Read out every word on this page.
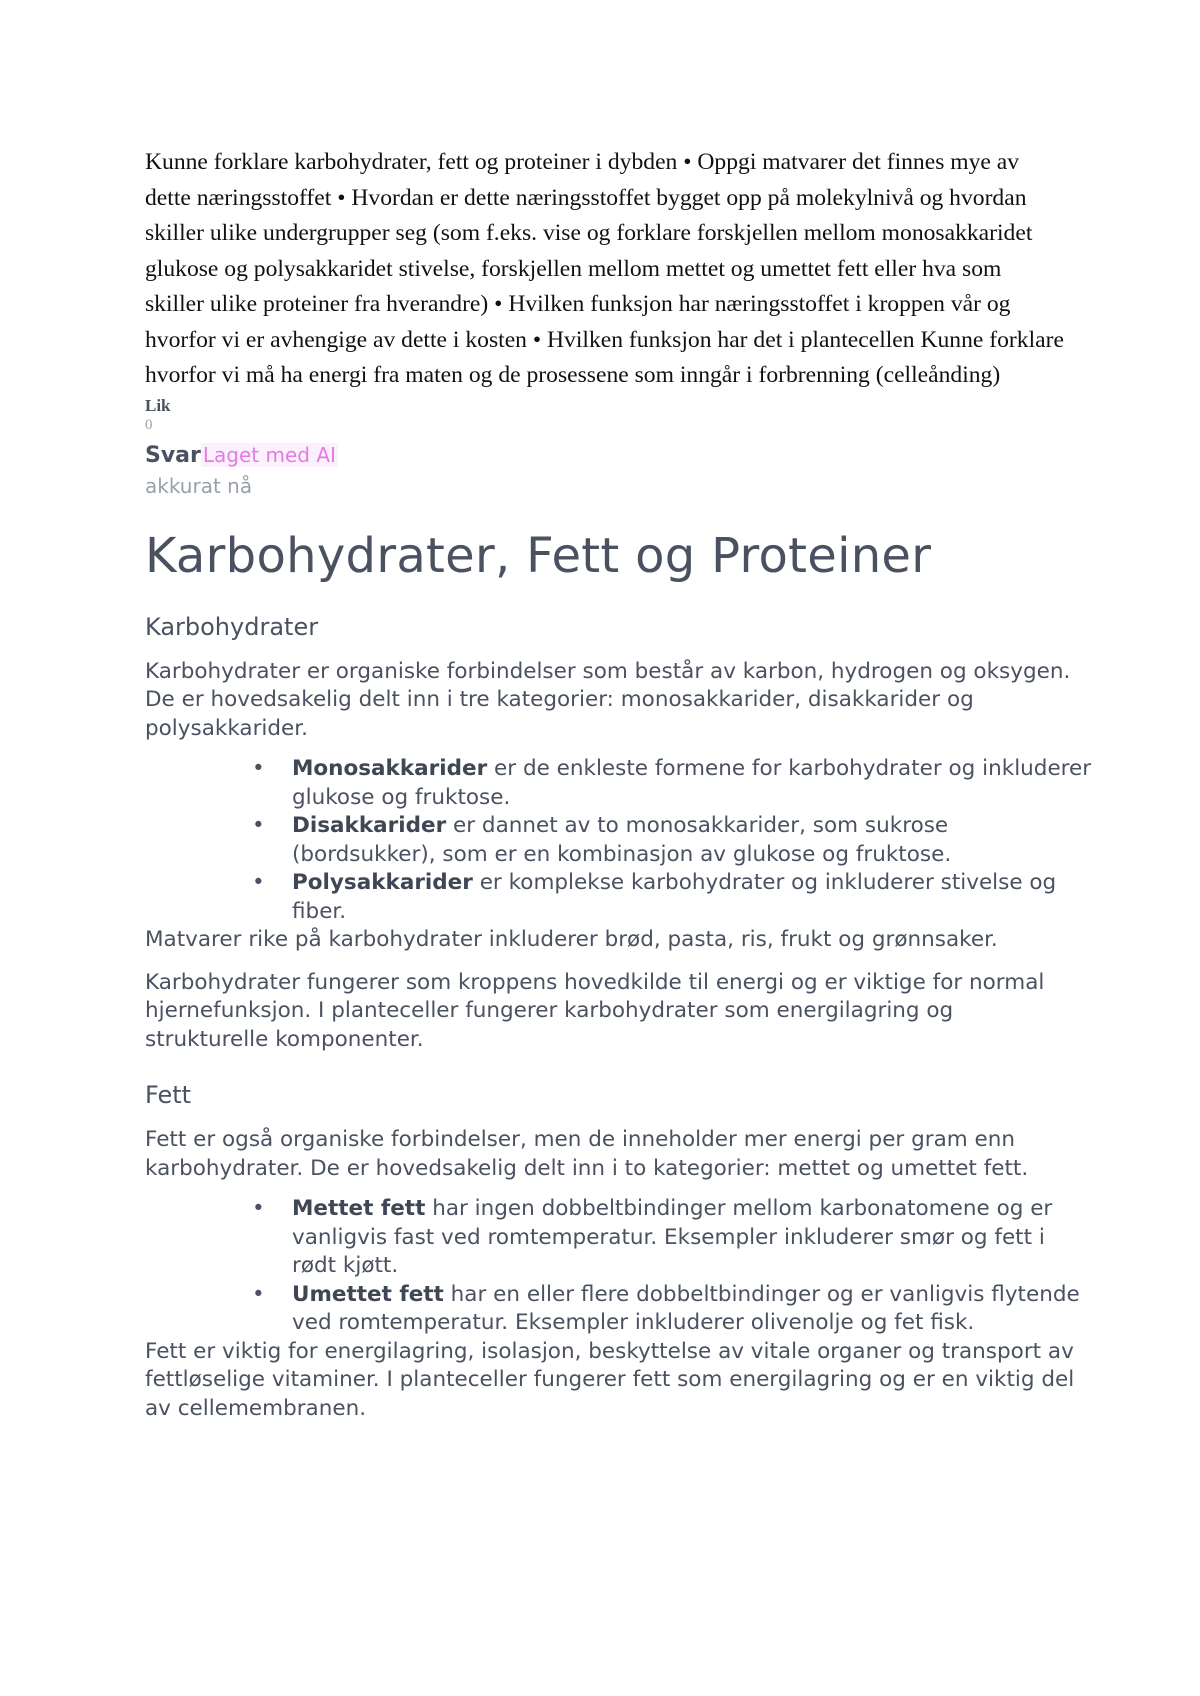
Kunne forklare karbohydrater, fett og proteiner i dybden • Oppgi matvarer det finnes mye av dette næringsstoffet • Hvordan er dette næringsstoffet bygget opp på molekylnivå og hvordan skiller ulike undergrupper seg (som f.eks. vise og forklare forskjellen mellom monosakkaridet glukose og polysakkaridet stivelse, forskjellen mellom mettet og umettet fett eller hva som skiller ulike proteiner fra hverandre) • Hvilken funksjon har næringsstoffet i kroppen vår og hvorfor vi er avhengige av dette i kosten • Hvilken funksjon har det i plantecellen Kunne forklare hvorfor vi må ha energi fra maten og de prosessene som inngår i forbrenning (celleånding)

Lik
0
Svar Laget med AI
akkurat nå
Karbohydrater, Fett og Proteiner
Karbohydrater

Karbohydrater er organiske forbindelser som består av karbon, hydrogen og oksygen. De er hovedsakelig delt inn i tre kategorier: monosakkarider, disakkarider og polysakkarider.

• Monosakkarider er de enkleste formene for karbohydrater og inkluderer glukose og fruktose.
• Disakkarider er dannet av to monosakkarider, som sukrose (bordsukker), som er en kombinasjon av glukose og fruktose.
• Polysakkarider er komplekse karbohydrater og inkluderer stivelse og fiber.

Matvarer rike på karbohydrater inkluderer brød, pasta, ris, frukt og grønnsaker.

Karbohydrater fungerer som kroppens hovedkilde til energi og er viktige for normal hjernefunksjon. I planteceller fungerer karbohydrater som energilagring og strukturelle komponenter.

Fett

Fett er også organiske forbindelser, men de inneholder mer energi per gram enn karbohydrater. De er hovedsakelig delt inn i to kategorier: mettet og umettet fett.

• Mettet fett har ingen dobbeltbindinger mellom karbonatomene og er vanligvis fast ved romtemperatur. Eksempler inkluderer smør og fett i rødt kjøtt.
• Umettet fett har en eller flere dobbeltbindinger og er vanligvis flytende ved romtemperatur. Eksempler inkluderer olivenolje og fet fisk.

Fett er viktig for energilagring, isolasjon, beskyttelse av vitale organer og transport av fettløselige vitaminer. I planteceller fungerer fett som energilagring og er en viktig del av cellemembranen.
